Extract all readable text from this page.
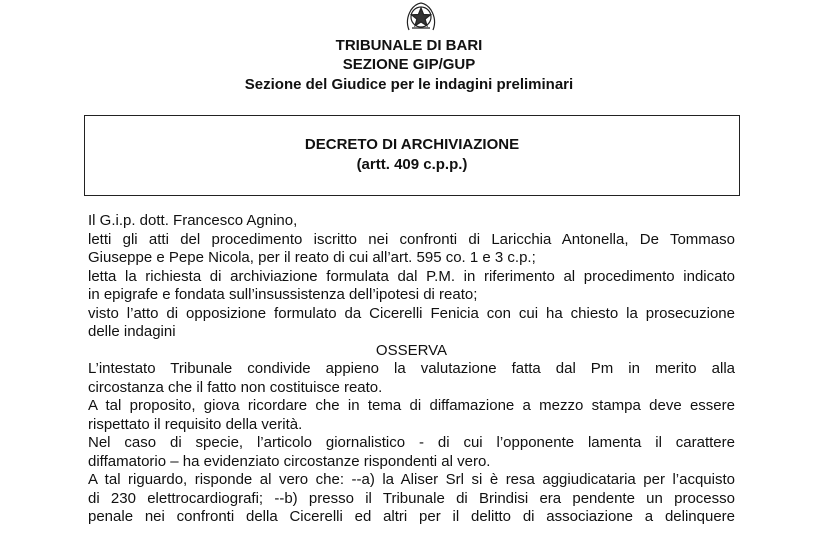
TRIBUNALE DI BARI
SEZIONE GIP/GUP
Sezione del Giudice per le indagini preliminari
DECRETO DI ARCHIVIAZIONE
(artt. 409 c.p.p.)

Il G.i.p. dott. Francesco Agnino,

letti gli atti del procedimento iscritto nei confronti di Laricchia Antonella, De Tommaso

Giuseppe e Pepe Nicola, per il reato di cui all’art. 595 co. 1 e 3 c.p.;

letta la richiesta di archiviazione formulata dal P.M. in riferimento al procedimento indicato

in epigrafe e fondata sull’insussistenza dell’ipotesi di reato;

visto l’atto di opposizione formulato da Cicerelli Fenicia con cui ha chiesto la prosecuzione

delle indagini

OSSERVA

L’intestato Tribunale condivide appieno la valutazione fatta dal Pm in merito alla

circostanza che il fatto non costituisce reato.

A tal proposito, giova ricordare che in tema di diffamazione a mezzo stampa deve essere

rispettato il requisito della verità.

Nel caso di specie, l’articolo giornalistico - di cui l’opponente lamenta il carattere

diffamatorio – ha evidenziato circostanze rispondenti al vero.

A tal riguardo, risponde al vero che: --a) la Aliser Srl si è resa aggiudicataria per l’acquisto

di 230 elettrocardiografi; --b) presso il Tribunale di Brindisi era pendente un processo

penale nei confronti della Cicerelli ed altri per il delitto di associazione a delinquere
